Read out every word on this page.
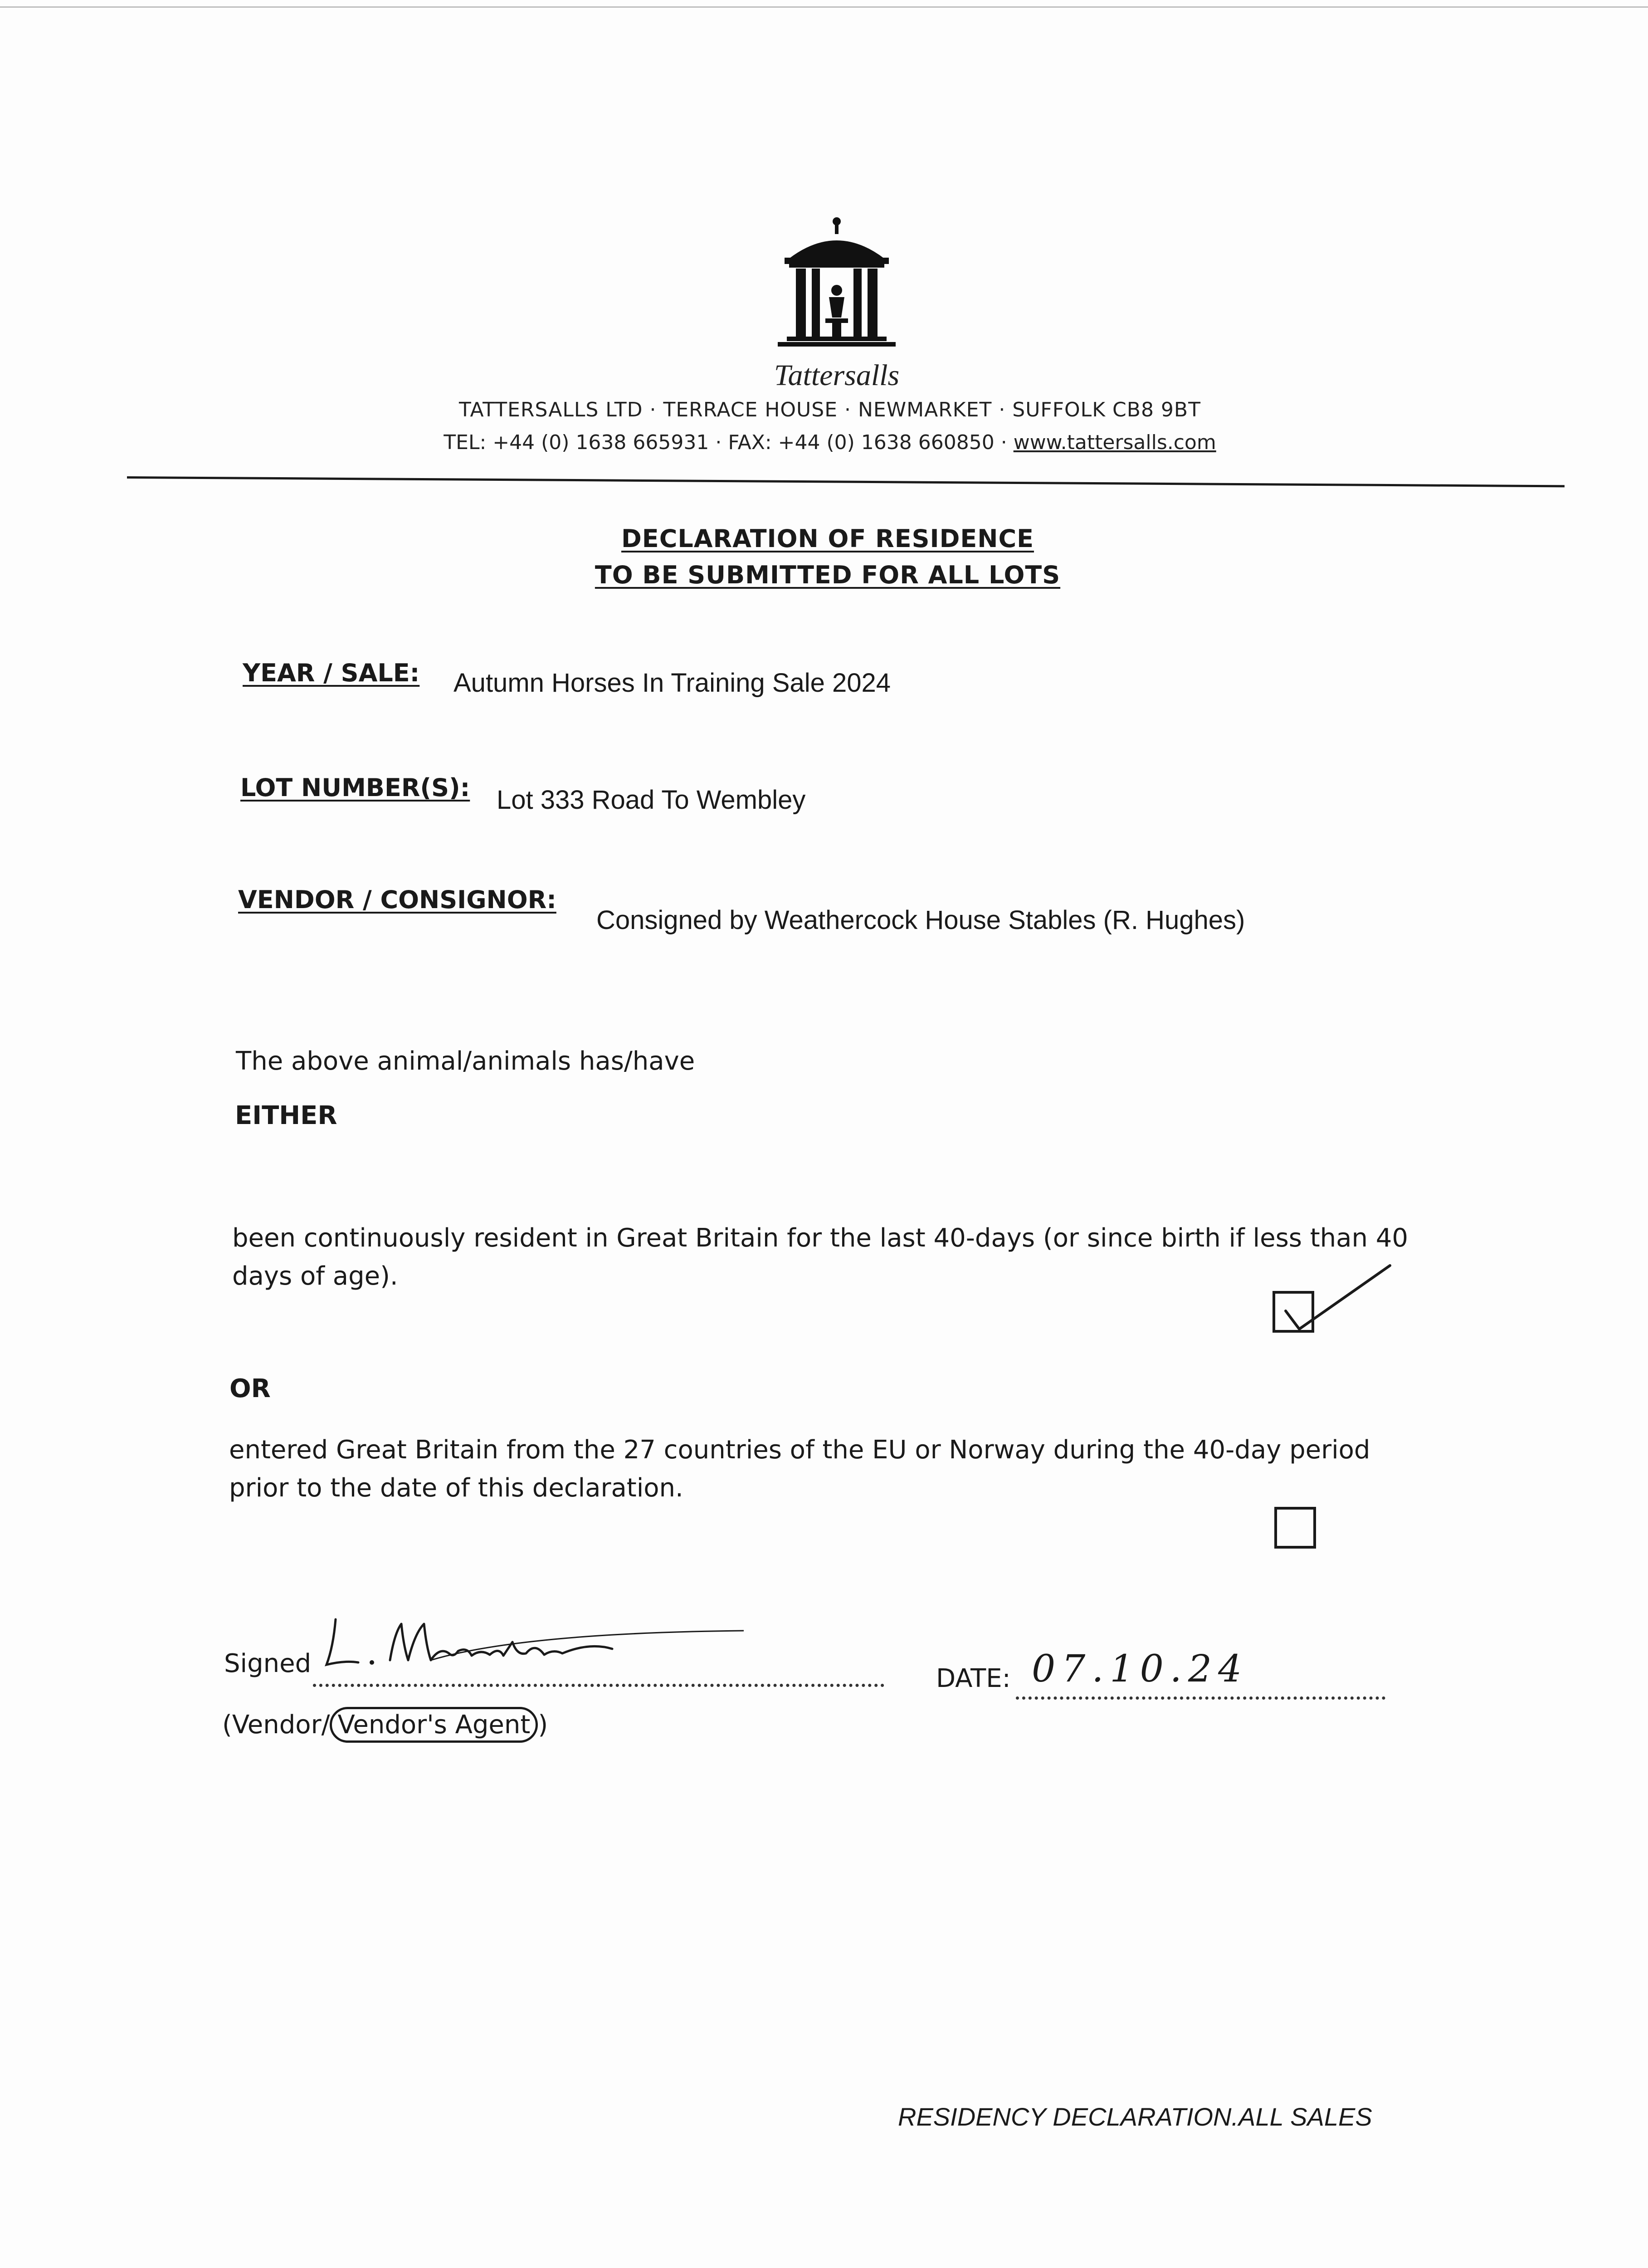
Tattersalls
TATTERSALLS LTD · TERRACE HOUSE · NEWMARKET · SUFFOLK CB8 9BT
TEL: +44 (0) 1638 665931 · FAX: +44 (0) 1638 660850 · www.tattersalls.com
DECLARATION OF RESIDENCE
TO BE SUBMITTED FOR ALL LOTS
YEAR / SALE: Autumn Horses In Training Sale 2024
LOT NUMBER(S): Lot 333 Road To Wembley
VENDOR / CONSIGNOR:
Consigned by Weathercock House Stables (R. Hughes)
The above animal/animals has/have
EITHER
been continuously resident in Great Britain for the last 40-days (or since birth if less than 40
days of age).
OR
entered Great Britain from the 27 countries of the EU or Norway during the 40-day period
prior to the date of this declaration.
Signed
DATE: 07.10.24
(Vendor/ Vendor's Agent )
RESIDENCY DECLARATION.ALL SALES
